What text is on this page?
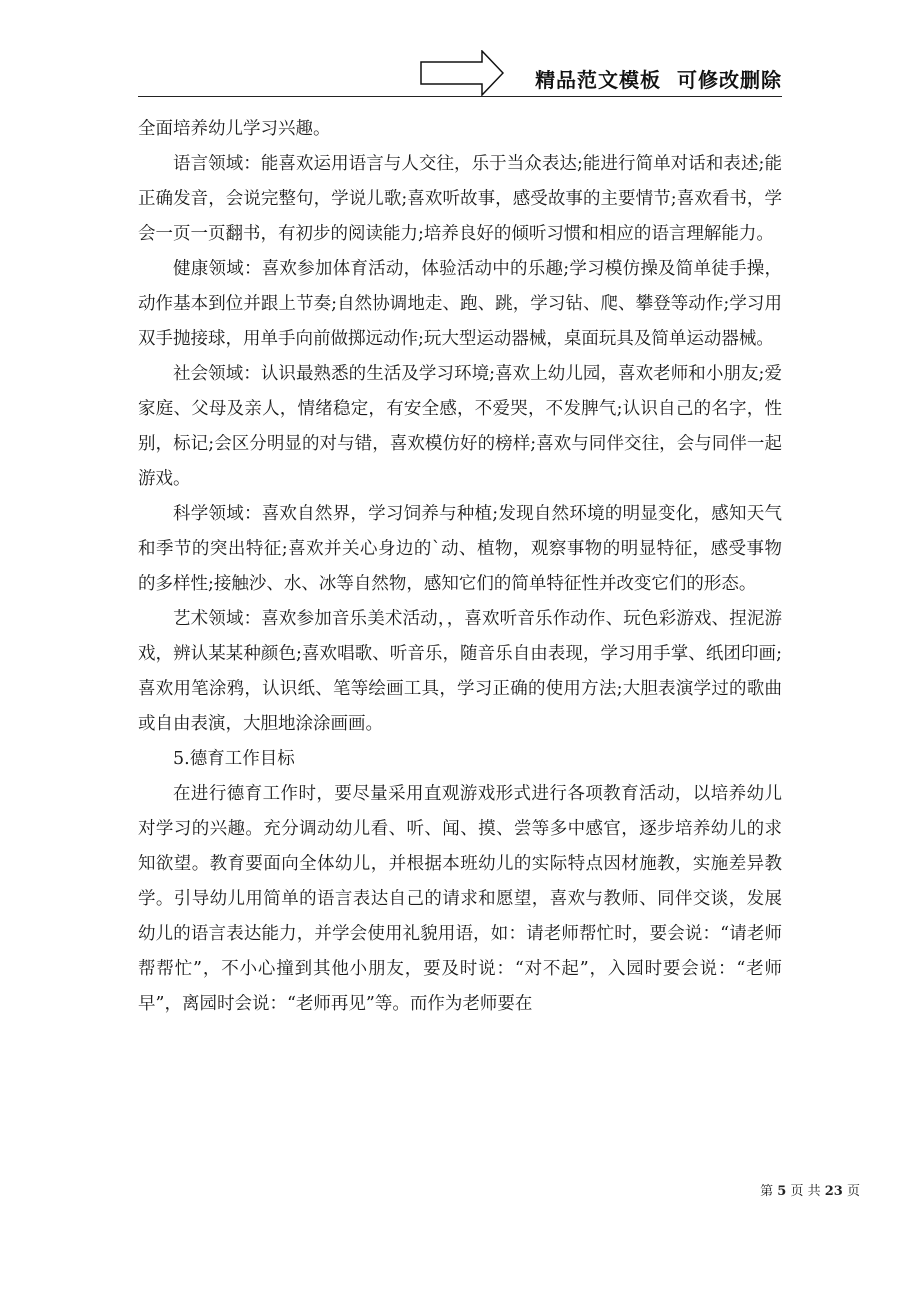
精品范文模板  可修改删除

全面培养幼儿学习兴趣。

语言领域：能喜欢运用语言与人交往，乐于当众表达;能进行简单对话和表述;能正确发音，会说完整句，学说儿歌;喜欢听故事，感受故事的主要情节;喜欢看书，学会一页一页翻书，有初步的阅读能力;培养良好的倾听习惯和相应的语言理解能力。

健康领域：喜欢参加体育活动，体验活动中的乐趣;学习模仿操及简单徒手操，动作基本到位并跟上节奏;自然协调地走、跑、跳，学习钻、爬、攀登等动作;学习用双手抛接球，用单手向前做掷远动作;玩大型运动器械，桌面玩具及简单运动器械。

社会领域：认识最熟悉的生活及学习环境;喜欢上幼儿园，喜欢老师和小朋友;爱家庭、父母及亲人，情绪稳定，有安全感，不爱哭，不发脾气;认识自己的名字，性别，标记;会区分明显的对与错，喜欢模仿好的榜样;喜欢与同伴交往，会与同伴一起游戏。

科学领域：喜欢自然界，学习饲养与种植;发现自然环境的明显变化，感知天气和季节的突出特征;喜欢并关心身边的`动、植物，观察事物的明显特征，感受事物的多样性;接触沙、水、冰等自然物，感知它们的简单特征性并改变它们的形态。

艺术领域：喜欢参加音乐美术活动，，喜欢听音乐作动作、玩色彩游戏、捏泥游戏，辨认某某种颜色;喜欢唱歌、听音乐，随音乐自由表现，学习用手掌、纸团印画;喜欢用笔涂鸦，认识纸、笔等绘画工具，学习正确的使用方法;大胆表演学过的歌曲或自由表演，大胆地涂涂画画。

5.德育工作目标

在进行德育工作时，要尽量采用直观游戏形式进行各项教育活动，以培养幼儿对学习的兴趣。充分调动幼儿看、听、闻、摸、尝等多中感官，逐步培养幼儿的求知欲望。教育要面向全体幼儿，并根据本班幼儿的实际特点因材施教，实施差异教学。引导幼儿用简单的语言表达自己的请求和愿望，喜欢与教师、同伴交谈，发展幼儿的语言表达能力，并学会使用礼貌用语，如：请老师帮忙时，要会说：“请老师帮帮忙”，不小心撞到其他小朋友，要及时说：“对不起”，入园时要会说：“老师早”，离园时会说：“老师再见”等。而作为老师要在

第 5 页 共 23 页
